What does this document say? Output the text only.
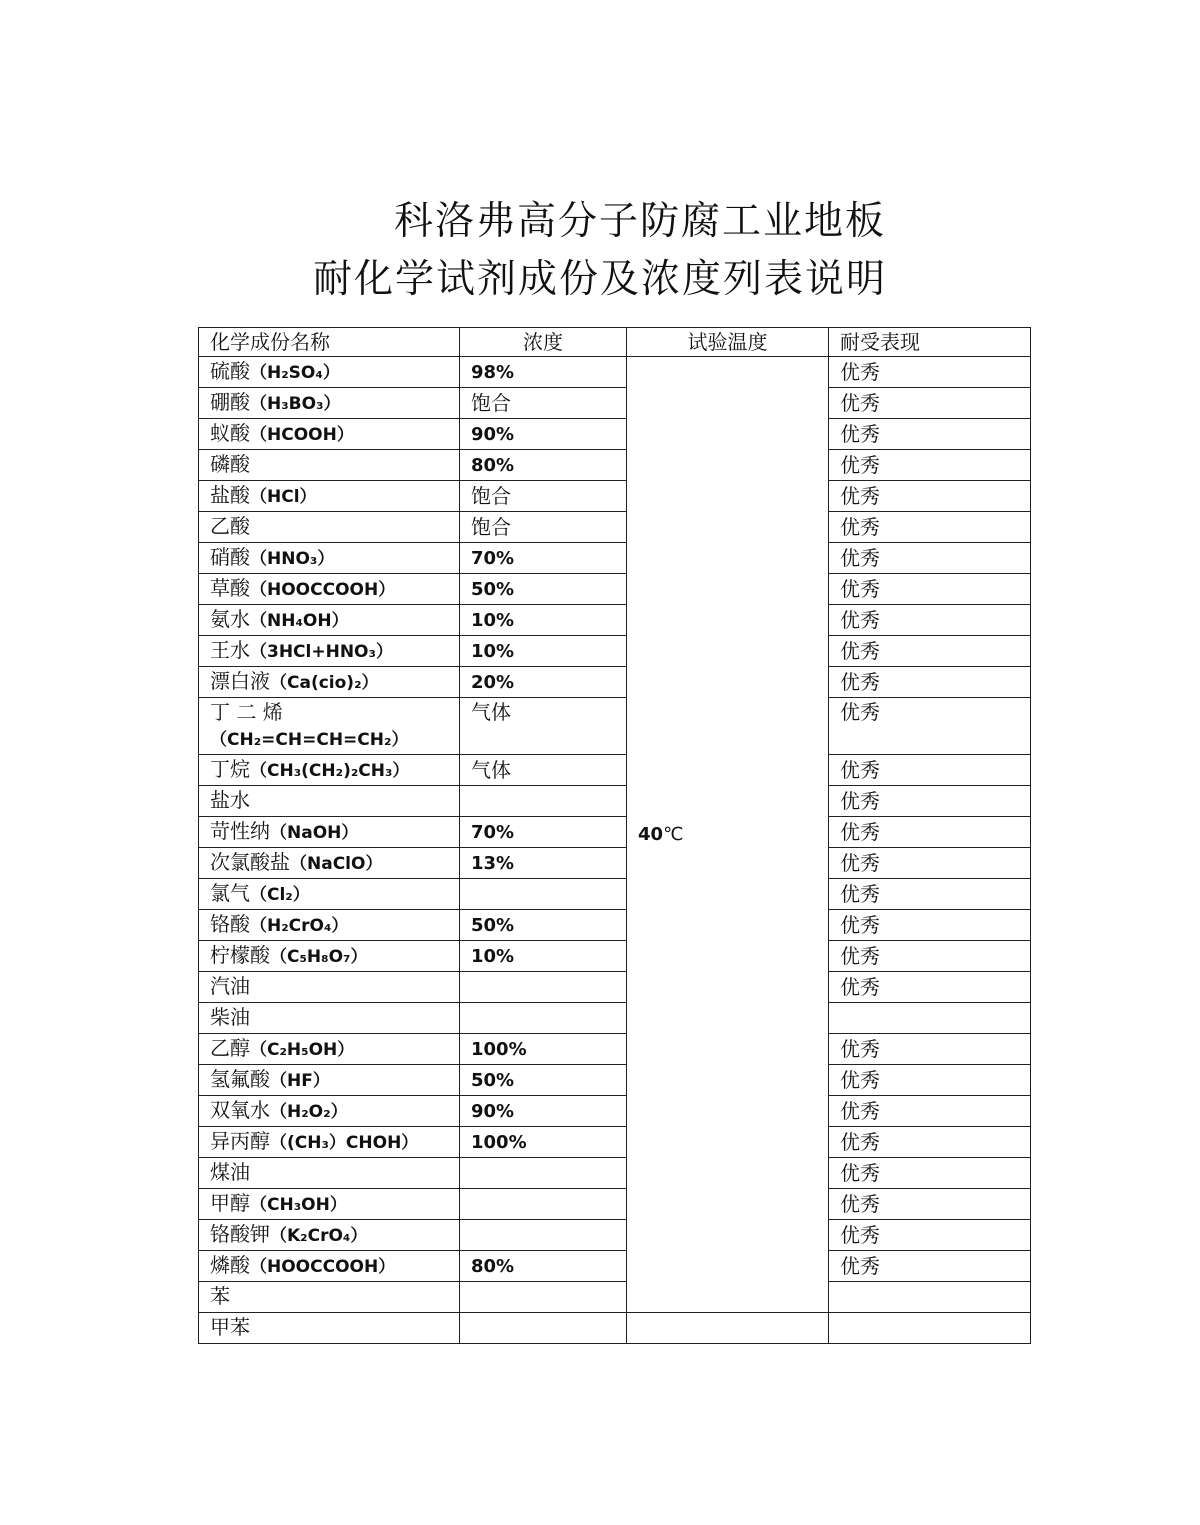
科洛弗高分子防腐工业地板
耐化学试剂成份及浓度列表说明
化学成份名称	浓度	试验温度	耐受表现
硫酸（H₂SO₄）	98%	40℃	优秀
硼酸（H₃BO₃）	饱合		优秀
蚁酸（HCOOH）	90%		优秀
磷酸	80%		优秀
盐酸（HCl）	饱合		优秀
乙酸	饱合		优秀
硝酸（HNO₃）	70%		优秀
草酸（HOOCCOOH）	50%		优秀
氨水（NH₄OH）	10%		优秀
王水（3HCl+HNO₃）	10%		优秀
漂白液（Ca(cio)₂）	20%		优秀

丁 二 烯
（CH₂=CH=CH=CH₂）	气体		优秀
丁烷（CH₃(CH₂)₂CH₃）	气体		优秀
盐水			优秀
苛性纳（NaOH）	70%		优秀
次氯酸盐（NaClO）	13%		优秀
氯气（Cl₂）			优秀
铬酸（H₂CrO₄）	50%		优秀
柠檬酸（C₅H₈O₇）	10%		优秀
汽油			优秀
柴油			
乙醇（C₂H₅OH）	100%		优秀
氢氟酸（HF）	50%		优秀
双氧水（H₂O₂）	90%		优秀
异丙醇（(CH₃）CHOH）	100%		优秀
煤油			优秀
甲醇（CH₃OH）			优秀
铬酸钾（K₂CrO₄）			优秀
燐酸（HOOCCOOH）	80%		优秀
苯			
甲苯			
